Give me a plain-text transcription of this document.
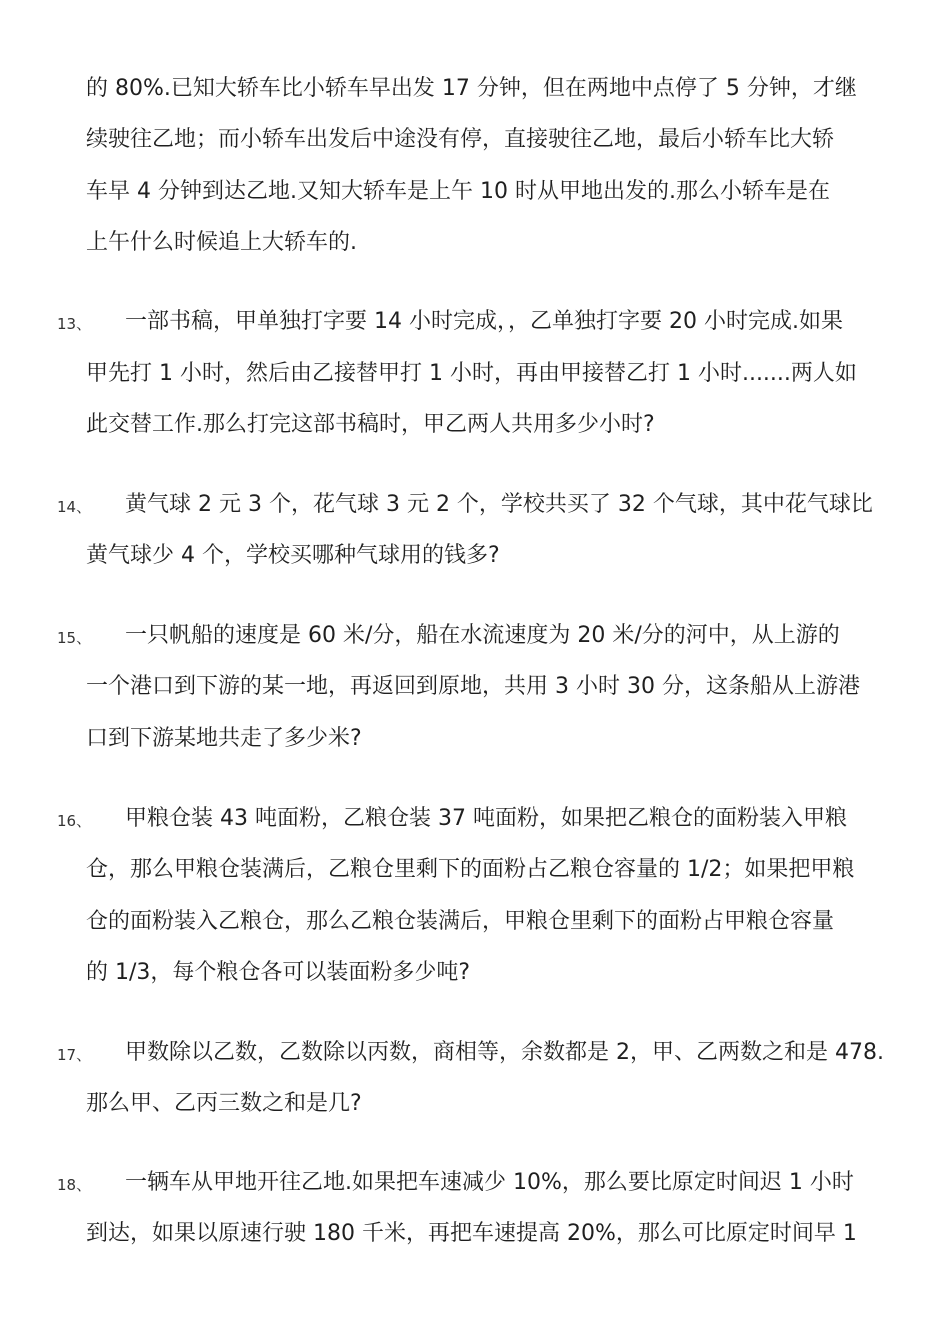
的 80%.已知大轿车比小轿车早出发 17 分钟，但在两地中点停了 5 分钟，才继
续驶往乙地；而小轿车出发后中途没有停，直接驶往乙地，最后小轿车比大轿
车早 4 分钟到达乙地.又知大轿车是上午 10 时从甲地出发的.那么小轿车是在
上午什么时候追上大轿车的.
13、 一部书稿，甲单独打字要 14 小时完成，，乙单独打字要 20 小时完成.如果
甲先打 1 小时，然后由乙接替甲打 1 小时，再由甲接替乙打 1 小时.......两人如
此交替工作.那么打完这部书稿时，甲乙两人共用多少小时?
14、 黄气球 2 元 3 个，花气球 3 元 2 个，学校共买了 32 个气球，其中花气球比
黄气球少 4 个，学校买哪种气球用的钱多?
15、 一只帆船的速度是 60 米/分，船在水流速度为 20 米/分的河中，从上游的
一个港口到下游的某一地，再返回到原地，共用 3 小时 30 分，这条船从上游港
口到下游某地共走了多少米?
16、 甲粮仓装 43 吨面粉，乙粮仓装 37 吨面粉，如果把乙粮仓的面粉装入甲粮
仓，那么甲粮仓装满后，乙粮仓里剩下的面粉占乙粮仓容量的 1/2；如果把甲粮
仓的面粉装入乙粮仓，那么乙粮仓装满后，甲粮仓里剩下的面粉占甲粮仓容量
的 1/3，每个粮仓各可以装面粉多少吨?
17、 甲数除以乙数，乙数除以丙数，商相等，余数都是 2，甲、乙两数之和是 478.
那么甲、乙丙三数之和是几?
18、 一辆车从甲地开往乙地.如果把车速减少 10%，那么要比原定时间迟 1 小时
到达，如果以原速行驶 180 千米，再把车速提高 20%，那么可比原定时间早 1
